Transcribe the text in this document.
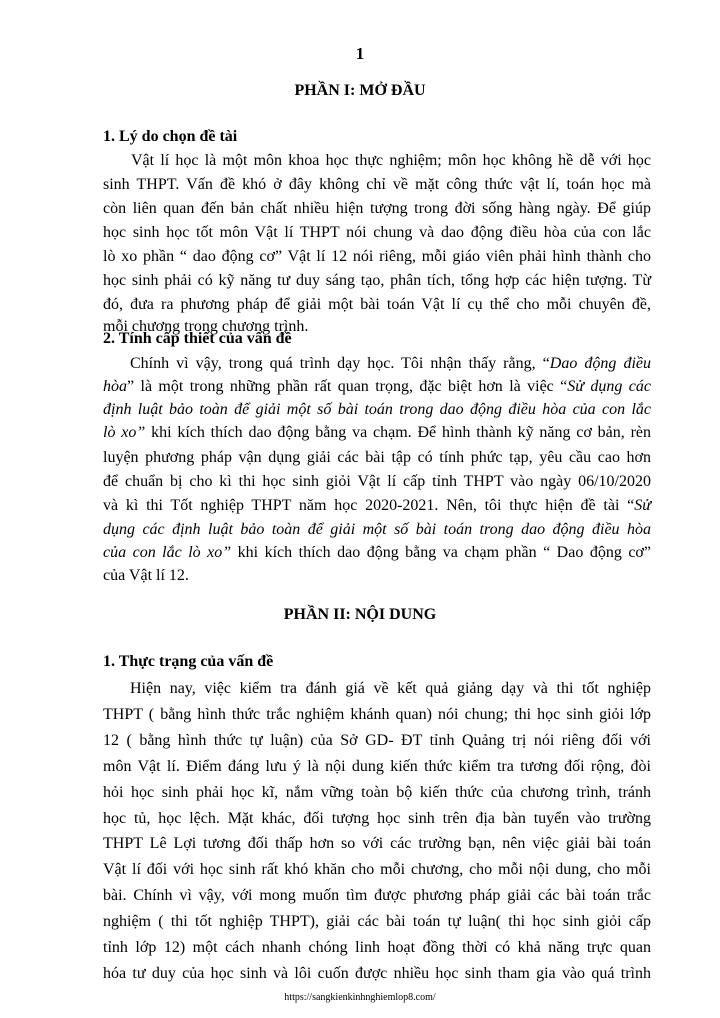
1
PHẦN I: MỞ ĐẦU
1. Lý do chọn đề tài
Vật lí học là một môn khoa học thực nghiệm; môn học không hề dễ với học
sinh THPT. Vấn đề khó ở đây không chỉ về mặt công thức vật lí, toán học mà
còn liên quan đến bản chất nhiều hiện tượng trong đời sống hàng ngày. Để giúp
học sinh học tốt môn Vật lí THPT nói chung và dao động điều hòa của con lắc
lò xo phần “ dao động cơ” Vật lí 12 nói riêng, mỗi giáo viên phải hình thành cho
học sinh phải có kỹ năng tư duy sáng tạo, phân tích, tổng hợp các hiện tượng. Từ
đó, đưa ra phương pháp để giải một bài toán Vật lí cụ thể cho mỗi chuyên đề,
mỗi chương trong chương trình.
2. Tính cấp thiết của vấn đề
Chính vì vậy, trong quá trình dạy học. Tôi nhận thấy rằng, “Dao động điều
hòa” là một trong những phần rất quan trọng, đặc biệt hơn là việc “Sử dụng các
định luật bảo toàn để giải một số bài toán trong dao động điều hòa của con lắc
lò xo” khi kích thích dao động bằng va chạm. Để hình thành kỹ năng cơ bản, rèn
luyện phương pháp vận dụng giải các bài tập có tính phức tạp, yêu cầu cao hơn
để chuẩn bị cho kì thi học sinh giỏi Vật lí cấp tỉnh THPT vào ngày 06/10/2020
và kì thi Tốt nghiệp THPT năm học 2020-2021. Nên, tôi thực hiện đề tài “Sử
dụng các định luật bảo toàn để giải một số bài toán trong dao động điều hòa
của con lắc lò xo” khi kích thích dao động bằng va chạm phần “ Dao động cơ”
của Vật lí 12.
PHẦN II: NỘI DUNG
1. Thực trạng của vấn đề
Hiện nay, việc kiểm tra đánh giá về kết quả giảng dạy và thi tốt nghiệp
THPT ( bằng hình thức trắc nghiệm khánh quan) nói chung; thi học sinh giỏi lớp
12 ( bằng hình thức tự luận) của Sở GD- ĐT tỉnh Quảng trị nói riêng đối với
môn Vật lí. Điểm đáng lưu ý là nội dung kiến thức kiểm tra tương đối rộng, đòi
hỏi học sinh phải học kĩ, nắm vững toàn bộ kiến thức của chương trình, tránh
học tủ, học lệch. Mặt khác, đối tượng học sinh trên địa bàn tuyển vào trường
THPT Lê Lợi tương đối thấp hơn so với các trường bạn, nên việc giải bài toán
Vật lí đối với học sinh rất khó khăn cho mỗi chương, cho mỗi nội dung, cho mỗi
bài. Chính vì vậy, với mong muốn tìm được phương pháp giải các bài toán trắc
nghiệm ( thi tốt nghiệp THPT), giải các bài toán tự luận( thi học sinh giỏi cấp
tỉnh lớp 12) một cách nhanh chóng linh hoạt đồng thời có khả năng trực quan
hóa tư duy của học sinh và lôi cuốn được nhiều học sinh tham gia vào quá trình
https://sangkienkinhnghiemlop8.com/
